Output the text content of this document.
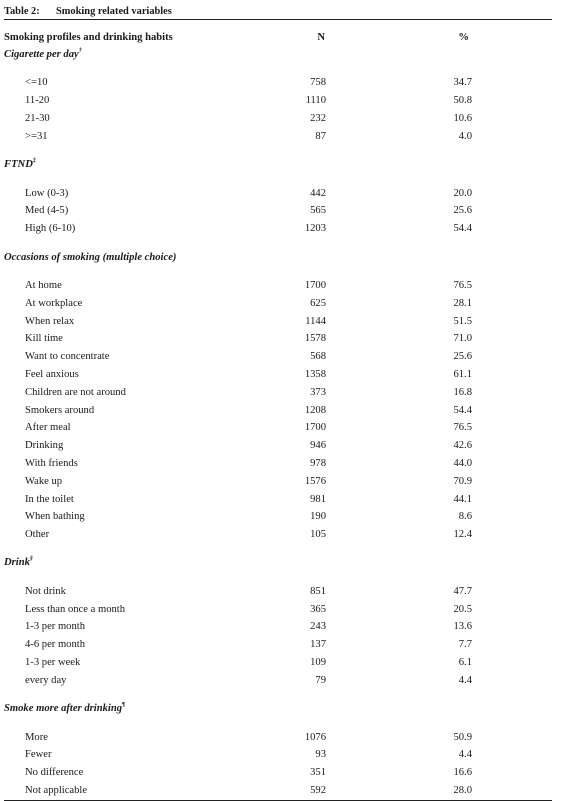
Table 2: Smoking related variables
Smoking profiles and drinking habits	N	%
Cigarette per day†
<=10	758	34.7
11-20	1110	50.8
21-30	232	10.6
>=31	87	4.0
FTND‡
Low (0-3)	442	20.0
Med (4-5)	565	25.6
High (6-10)	1203	54.4
Occasions of smoking (multiple choice)
At home	1700	76.5
At workplace	625	28.1
When relax	1144	51.5
Kill time	1578	71.0
Want to concentrate	568	25.6
Feel anxious	1358	61.1
Children are not around	373	16.8
Smokers around	1208	54.4
After meal	1700	76.5
Drinking	946	42.6
With friends	978	44.0
Wake up	1576	70.9
In the toilet	981	44.1
When bathing	190	8.6
Other	105	12.4
Drink§
Not drink	851	47.7
Less than once a month	365	20.5
1-3 per month	243	13.6
4-6 per month	137	7.7
1-3 per week	109	6.1
every day	79	4.4
Smoke more after drinking¶
More	1076	50.9
Fewer	93	4.4
No difference	351	16.6
Not applicable	592	28.0
